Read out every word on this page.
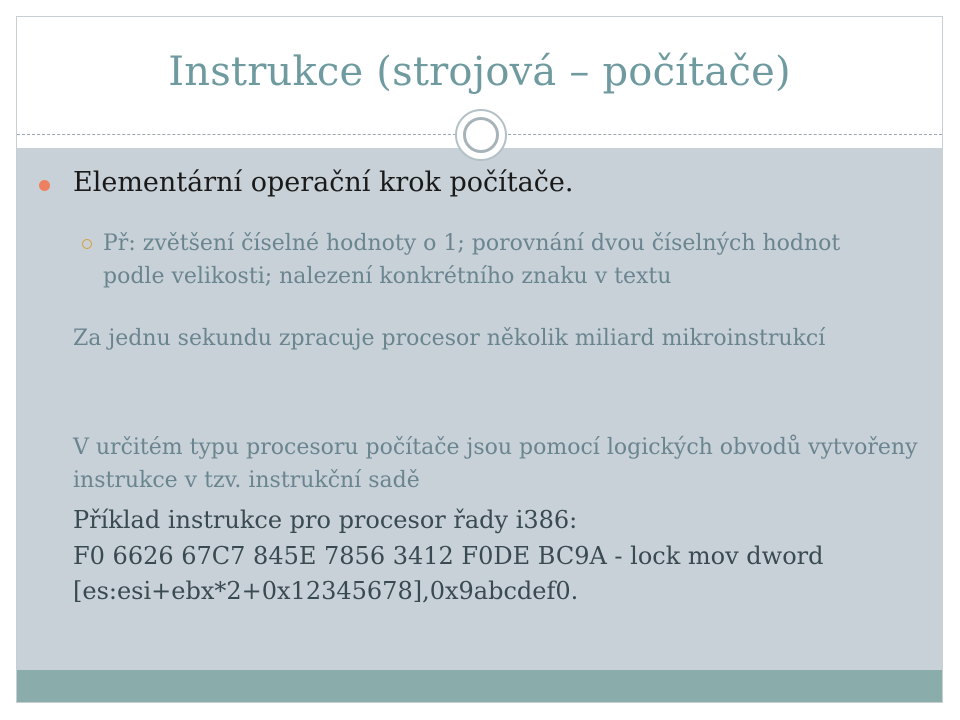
Instrukce (strojová – počítače)
Elementární operační krok počítače.
Př: zvětšení číselné hodnoty o 1; porovnání dvou číselných hodnot podle velikosti; nalezení konkrétního znaku v textu
Za jednu sekundu zpracuje procesor několik miliard mikroinstrukcí
V určitém typu procesoru počítače jsou pomocí logických obvodů vytvořeny instrukce v tzv. instrukční sadě
Příklad instrukce pro procesor řady i386:
F0 6626 67C7 845E 7856 3412 F0DE BC9A - lock mov dword [es:esi+ebx*2+0x12345678],0x9abcdef0.
